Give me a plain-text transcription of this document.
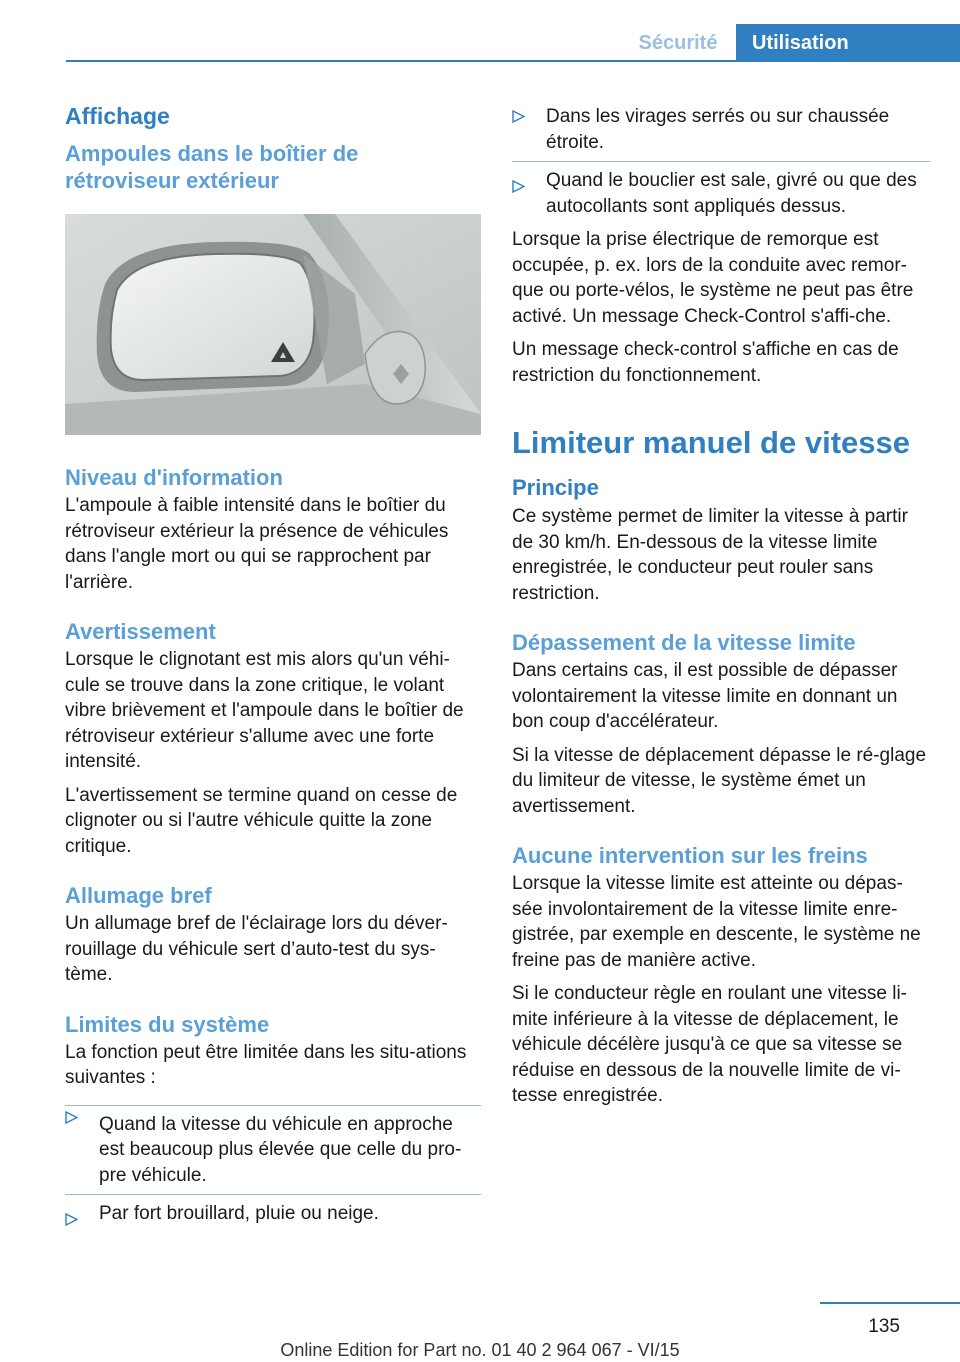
Sécurité	Utilisation
Affichage
Ampoules dans le boîtier de rétroviseur extérieur
Niveau d'information

L'ampoule à faible intensité dans le boîtier du rétroviseur extérieur la présence de véhicules dans l'angle mort ou qui se rapprochent par l'arrière.

Avertissement

Lorsque le clignotant est mis alors qu'un véhi-cule se trouve dans la zone critique, le volant vibre brièvement et l'ampoule dans le boîtier de rétroviseur extérieur s'allume avec une forte intensité.

L'avertissement se termine quand on cesse de clignoter ou si l'autre véhicule quitte la zone critique.

Allumage bref

Un allumage bref de l'éclairage lors du déver-rouillage du véhicule sert d’auto-test du sys-tème.

Limites du système

La fonction peut être limitée dans les situ-ations suivantes :

Quand la vitesse du véhicule en approche est beaucoup plus élevée que celle du pro-pre véhicule.
Par fort brouillard, pluie ou neige.
Dans les virages serrés ou sur chaussée étroite.
Quand le bouclier est sale, givré ou que des autocollants sont appliqués dessus.

Lorsque la prise électrique de remorque est occupée, p. ex. lors de la conduite avec remor-que ou porte-vélos, le système ne peut pas être activé. Un message Check-Control s'affi-che.

Un message check-control s'affiche en cas de restriction du fonctionnement.

Limiteur manuel de vitesse
Principe

Ce système permet de limiter la vitesse à partir de 30 km/h. En-dessous de la vitesse limite enregistrée, le conducteur peut rouler sans restriction.

Dépassement de la vitesse limite

Dans certains cas, il est possible de dépasser volontairement la vitesse limite en donnant un bon coup d'accélérateur.

Si la vitesse de déplacement dépasse le ré-glage du limiteur de vitesse, le système émet un avertissement.

Aucune intervention sur les freins

Lorsque la vitesse limite est atteinte ou dépas-sée involontairement de la vitesse limite enre-gistrée, par exemple en descente, le système ne freine pas de manière active.

Si le conducteur règle en roulant une vitesse li-mite inférieure à la vitesse de déplacement, le véhicule décélère jusqu'à ce que sa vitesse se réduise en dessous de la nouvelle limite de vi-tesse enregistrée.

135
Online Edition for Part no. 01 40 2 964 067 - VI/15
